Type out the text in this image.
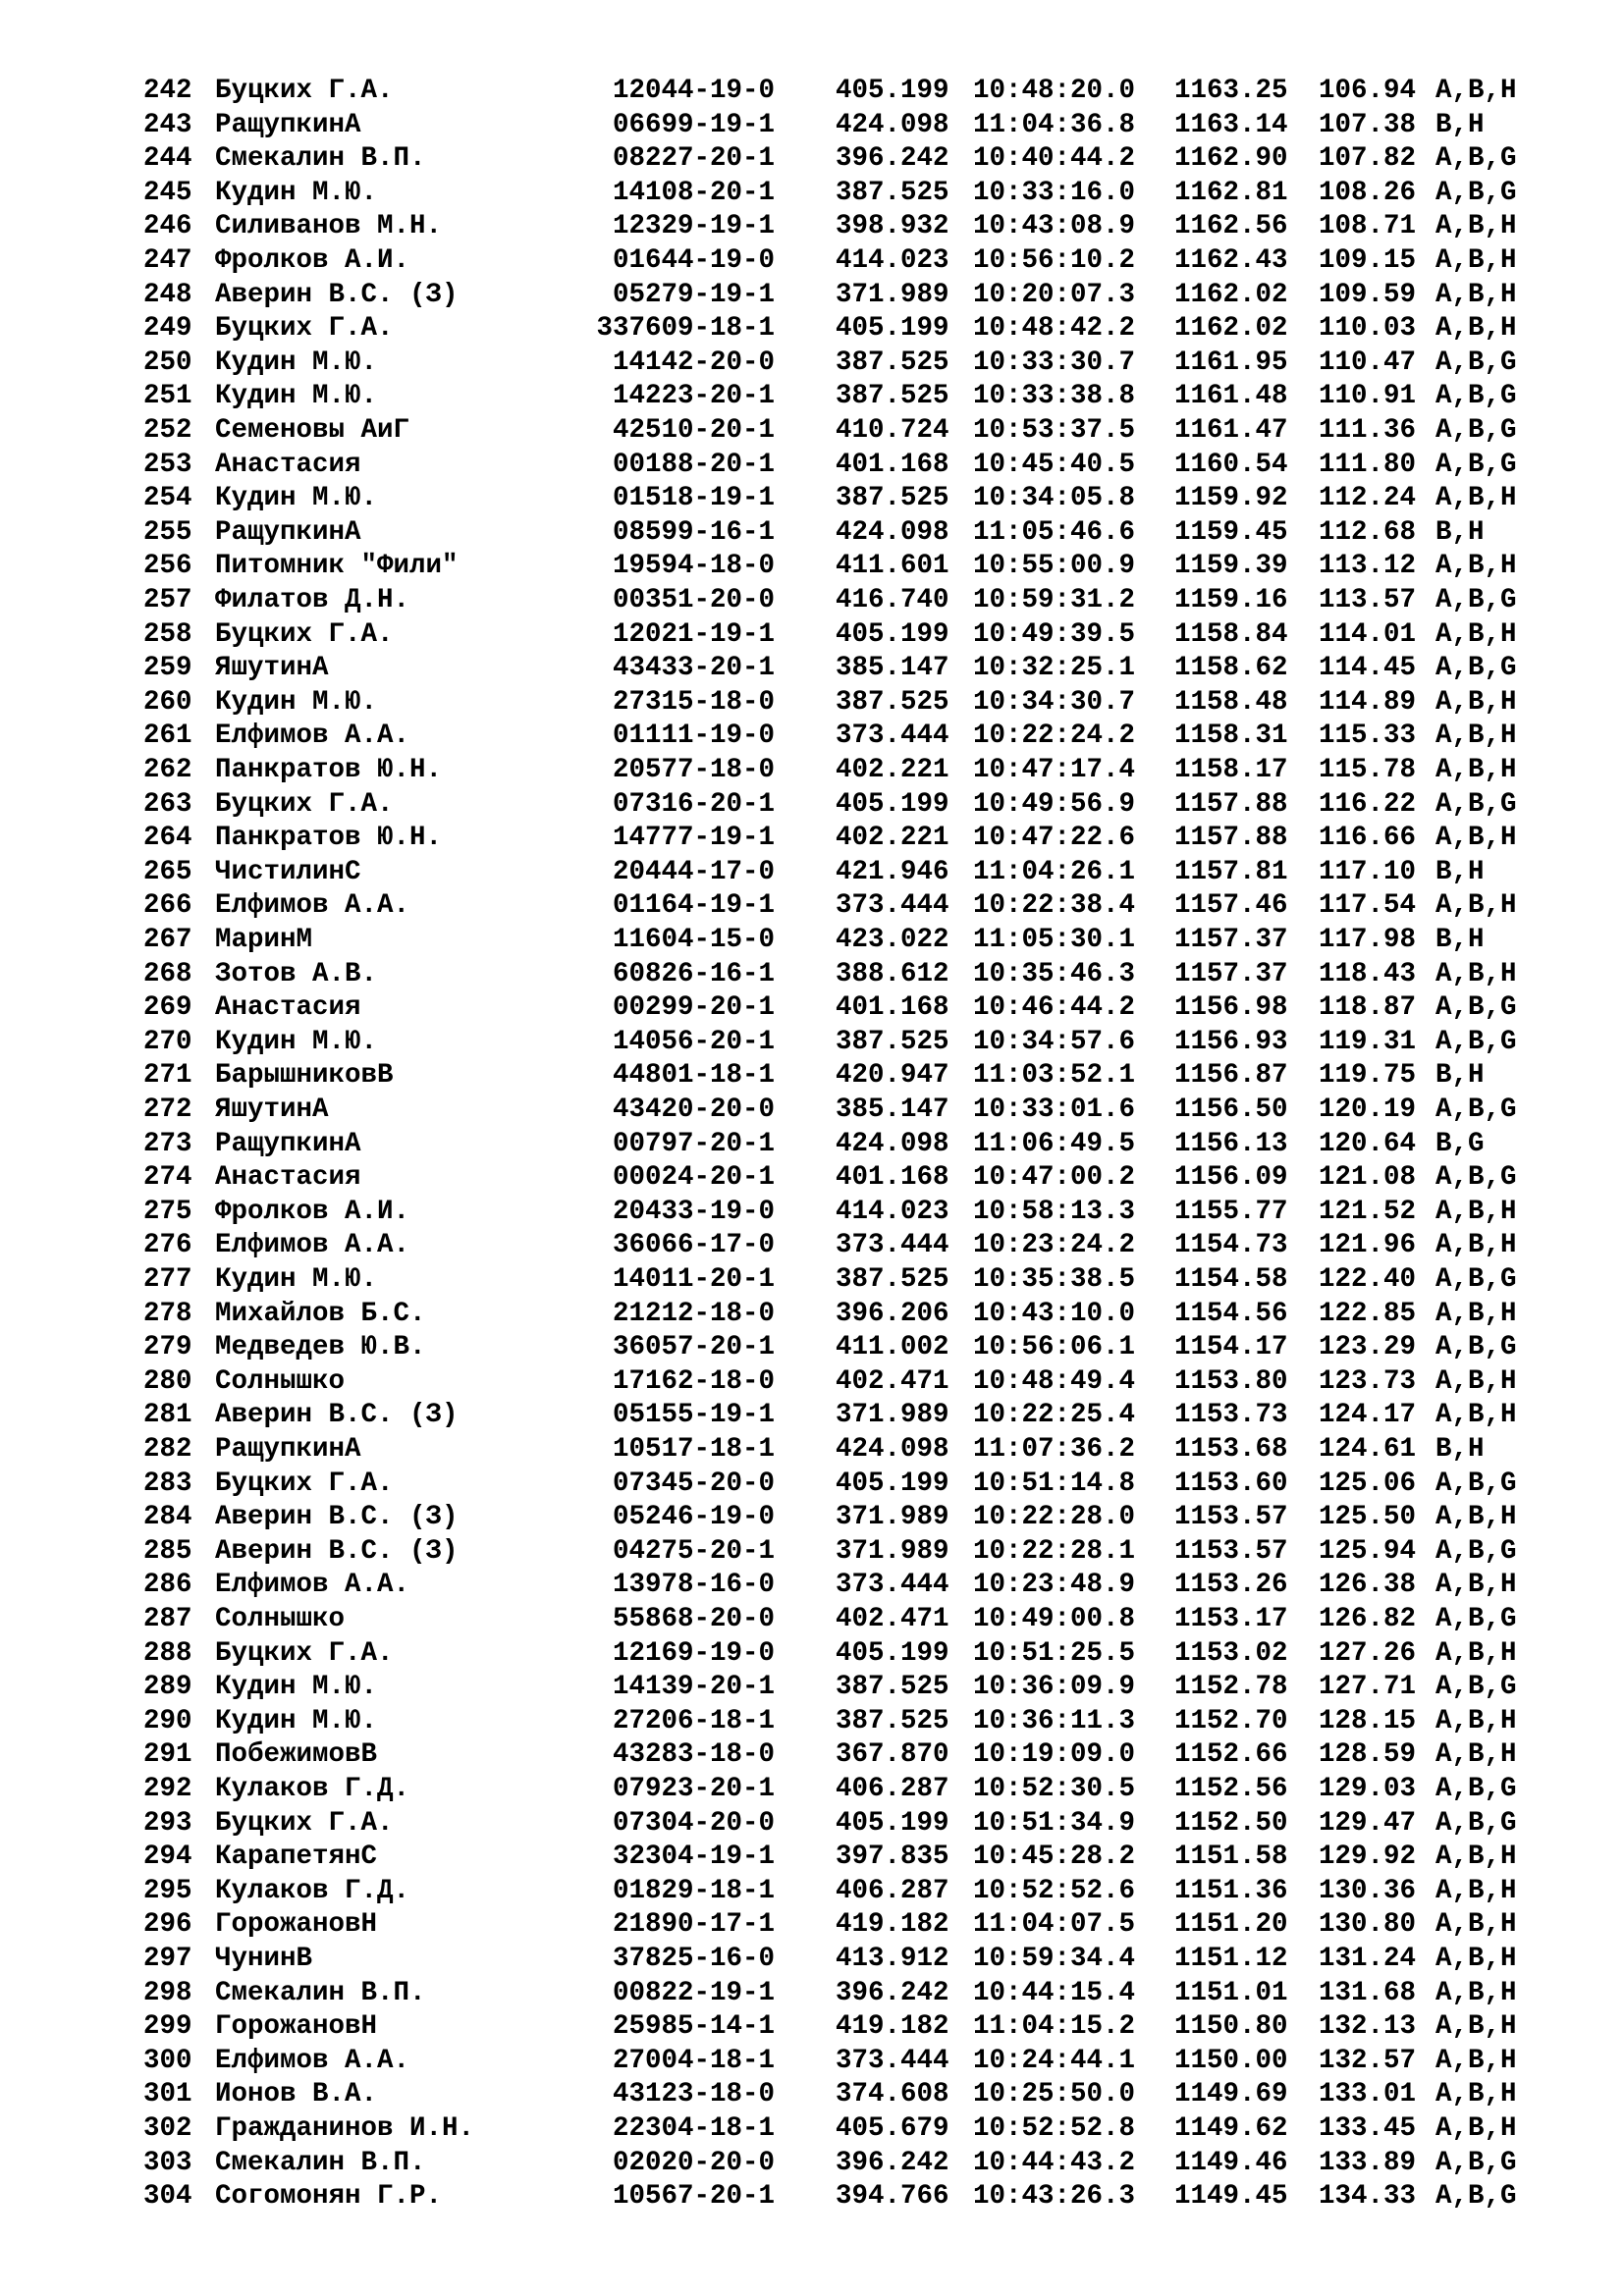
242 Буцких Г.А.	12044-19-0 405.199 10:48:20.0 1163.25 106.94 A,B,H
243 РащупкинА	06699-19-1 424.098 11:04:36.8 1163.14 107.38 B,H
244 Смекалин В.П.	08227-20-1 396.242 10:40:44.2 1162.90 107.82 A,B,G
245 Кудин М.Ю.	14108-20-1 387.525 10:33:16.0 1162.81 108.26 A,B,G
246 Силиванов М.Н.	12329-19-1 398.932 10:43:08.9 1162.56 108.71 A,B,H
247 Фролков А.И.	01644-19-0 414.023 10:56:10.2 1162.43 109.15 A,B,H
248 Аверин В.С. (З)	05279-19-1 371.989 10:20:07.3 1162.02 109.59 A,B,H
249 Буцких Г.А.	337609-18-1 405.199 10:48:42.2 1162.02 110.03 A,B,H
250 Кудин М.Ю.	14142-20-0 387.525 10:33:30.7 1161.95 110.47 A,B,G
251 Кудин М.Ю.	14223-20-1 387.525 10:33:38.8 1161.48 110.91 A,B,G
252 Семеновы АиГ	42510-20-1 410.724 10:53:37.5 1161.47 111.36 A,B,G
253 Анастасия	00188-20-1 401.168 10:45:40.5 1160.54 111.80 A,B,G
254 Кудин М.Ю.	01518-19-1 387.525 10:34:05.8 1159.92 112.24 A,B,H
255 РащупкинА	08599-16-1 424.098 11:05:46.6 1159.45 112.68 B,H
256 Питомник "Фили"	19594-18-0 411.601 10:55:00.9 1159.39 113.12 A,B,H
257 Филатов Д.Н.	00351-20-0 416.740 10:59:31.2 1159.16 113.57 A,B,G
258 Буцких Г.А.	12021-19-1 405.199 10:49:39.5 1158.84 114.01 A,B,H
259 ЯшутинА	43433-20-1 385.147 10:32:25.1 1158.62 114.45 A,B,G
260 Кудин М.Ю.	27315-18-0 387.525 10:34:30.7 1158.48 114.89 A,B,H
261 Елфимов А.А.	01111-19-0 373.444 10:22:24.2 1158.31 115.33 A,B,H
262 Панкратов Ю.Н.	20577-18-0 402.221 10:47:17.4 1158.17 115.78 A,B,H
263 Буцких Г.А.	07316-20-1 405.199 10:49:56.9 1157.88 116.22 A,B,G
264 Панкратов Ю.Н.	14777-19-1 402.221 10:47:22.6 1157.88 116.66 A,B,H
265 ЧистилинС	20444-17-0 421.946 11:04:26.1 1157.81 117.10 B,H
266 Елфимов А.А.	01164-19-1 373.444 10:22:38.4 1157.46 117.54 A,B,H
267 МаринМ	11604-15-0 423.022 11:05:30.1 1157.37 117.98 B,H
268 Зотов А.В.	60826-16-1 388.612 10:35:46.3 1157.37 118.43 A,B,H
269 Анастасия	00299-20-1 401.168 10:46:44.2 1156.98 118.87 A,B,G
270 Кудин М.Ю.	14056-20-1 387.525 10:34:57.6 1156.93 119.31 A,B,G
271 БарышниковВ	44801-18-1 420.947 11:03:52.1 1156.87 119.75 B,H
272 ЯшутинА	43420-20-0 385.147 10:33:01.6 1156.50 120.19 A,B,G
273 РащупкинА	00797-20-1 424.098 11:06:49.5 1156.13 120.64 B,G
274 Анастасия	00024-20-1 401.168 10:47:00.2 1156.09 121.08 A,B,G
275 Фролков А.И.	20433-19-0 414.023 10:58:13.3 1155.77 121.52 A,B,H
276 Елфимов А.А.	36066-17-0 373.444 10:23:24.2 1154.73 121.96 A,B,H
277 Кудин М.Ю.	14011-20-1 387.525 10:35:38.5 1154.58 122.40 A,B,G
278 Михайлов Б.С.	21212-18-0 396.206 10:43:10.0 1154.56 122.85 A,B,H
279 Медведев Ю.В.	36057-20-1 411.002 10:56:06.1 1154.17 123.29 A,B,G
280 Солнышко	17162-18-0 402.471 10:48:49.4 1153.80 123.73 A,B,H
281 Аверин В.С. (З)	05155-19-1 371.989 10:22:25.4 1153.73 124.17 A,B,H
282 РащупкинА	10517-18-1 424.098 11:07:36.2 1153.68 124.61 B,H
283 Буцких Г.А.	07345-20-0 405.199 10:51:14.8 1153.60 125.06 A,B,G
284 Аверин В.С. (З)	05246-19-0 371.989 10:22:28.0 1153.57 125.50 A,B,H
285 Аверин В.С. (З)	04275-20-1 371.989 10:22:28.1 1153.57 125.94 A,B,G
286 Елфимов А.А.	13978-16-0 373.444 10:23:48.9 1153.26 126.38 A,B,H
287 Солнышко	55868-20-0 402.471 10:49:00.8 1153.17 126.82 A,B,G
288 Буцких Г.А.	12169-19-0 405.199 10:51:25.5 1153.02 127.26 A,B,H
289 Кудин М.Ю.	14139-20-1 387.525 10:36:09.9 1152.78 127.71 A,B,G
290 Кудин М.Ю.	27206-18-1 387.525 10:36:11.3 1152.70 128.15 A,B,H
291 ПобежимовВ	43283-18-0 367.870 10:19:09.0 1152.66 128.59 A,B,H
292 Кулаков Г.Д.	07923-20-1 406.287 10:52:30.5 1152.56 129.03 A,B,G
293 Буцких Г.А.	07304-20-0 405.199 10:51:34.9 1152.50 129.47 A,B,G
294 КарапетянС	32304-19-1 397.835 10:45:28.2 1151.58 129.92 A,B,H
295 Кулаков Г.Д.	01829-18-1 406.287 10:52:52.6 1151.36 130.36 A,B,H
296 ГорожановН	21890-17-1 419.182 11:04:07.5 1151.20 130.80 A,B,H
297 ЧунинВ	37825-16-0 413.912 10:59:34.4 1151.12 131.24 A,B,H
298 Смекалин В.П.	00822-19-1 396.242 10:44:15.4 1151.01 131.68 A,B,H
299 ГорожановН	25985-14-1 419.182 11:04:15.2 1150.80 132.13 A,B,H
300 Елфимов А.А.	27004-18-1 373.444 10:24:44.1 1150.00 132.57 A,B,H
301 Ионов В.А.	43123-18-0 374.608 10:25:50.0 1149.69 133.01 A,B,H
302 Гражданинов И.Н.	22304-18-1 405.679 10:52:52.8 1149.62 133.45 A,B,H
303 Смекалин В.П.	02020-20-0 396.242 10:44:43.2 1149.46 133.89 A,B,G
304 Согомонян Г.Р.	10567-20-1 394.766 10:43:26.3 1149.45 134.33 A,B,G
